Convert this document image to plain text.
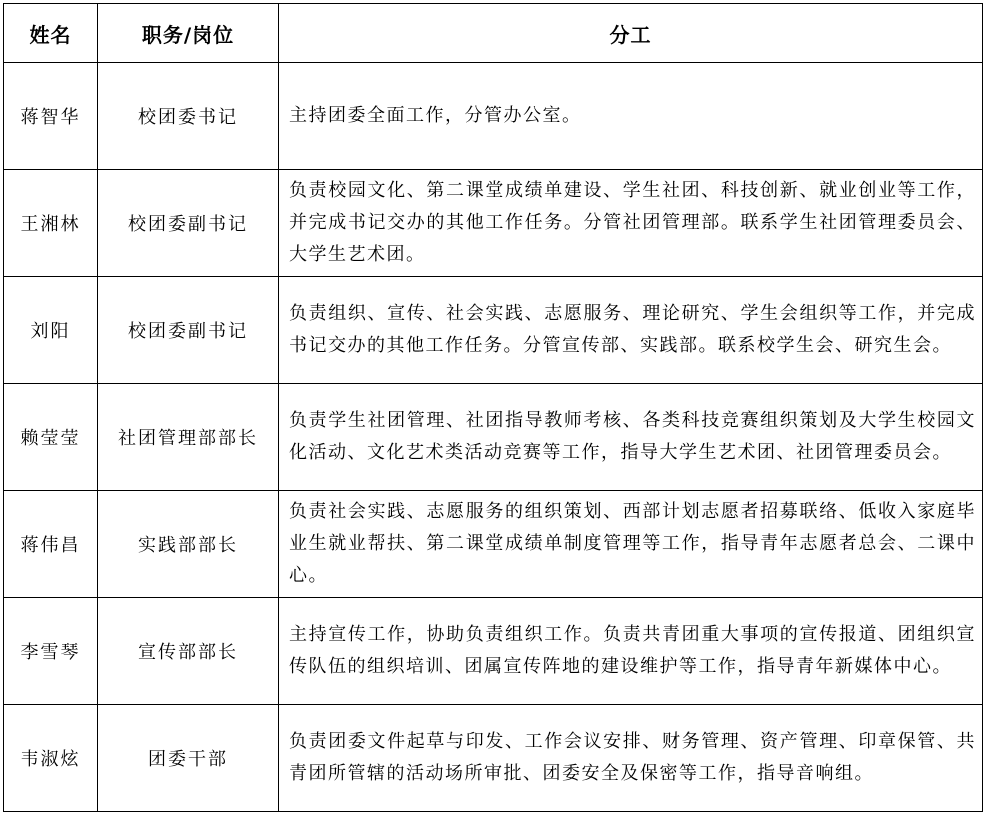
姓名	职务/岗位	分工
蒋智华	校团委书记	主持团委全面工作，分管办公室。
王湘林	校团委副书记	负责校园文化、第二课堂成绩单建设、学生社团、科技创新、就业创业等工作，并完成书记交办的其他工作任务。分管社团管理部。联系学生社团管理委员会、大学生艺术团。
刘阳	校团委副书记	负责组织、宣传、社会实践、志愿服务、理论研究、学生会组织等工作，并完成书记交办的其他工作任务。分管宣传部、实践部。联系校学生会、研究生会。
赖莹莹	社团管理部部长	负责学生社团管理、社团指导教师考核、各类科技竞赛组织策划及大学生校园文化活动、文化艺术类活动竞赛等工作，指导大学生艺术团、社团管理委员会。
蒋伟昌	实践部部长	负责社会实践、志愿服务的组织策划、西部计划志愿者招募联络、低收入家庭毕业生就业帮扶、第二课堂成绩单制度管理等工作，指导青年志愿者总会、二课中心。
李雪琴	宣传部部长	主持宣传工作，协助负责组织工作。负责共青团重大事项的宣传报道、团组织宣传队伍的组织培训、团属宣传阵地的建设维护等工作，指导青年新媒体中心。
韦淑炫	团委干部	负责团委文件起草与印发、工作会议安排、财务管理、资产管理、印章保管、共青团所管辖的活动场所审批、团委安全及保密等工作，指导音响组。
